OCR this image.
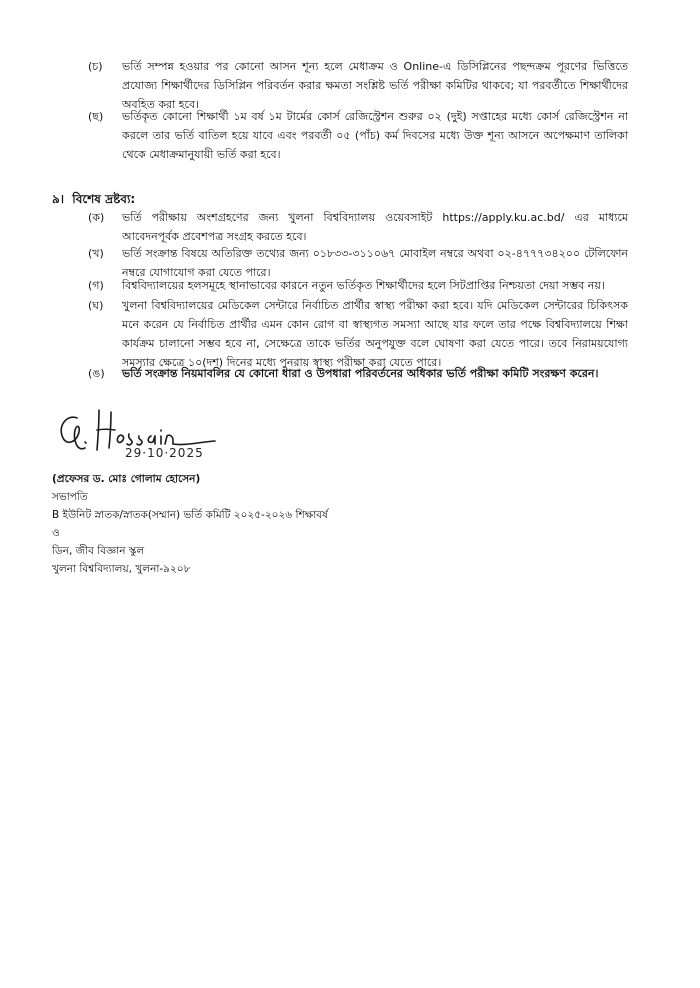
(চ)	ভর্তি সম্পন্ন হওয়ার পর কোনো আসন শূন্য হলে মেধাক্রম ও Online-এ ডিসিপ্লিনের পছন্দক্রম পূরণের ভিত্তিতে প্রযোজ্য শিক্ষার্থীদের ডিসিপ্লিন পরিবর্তন করার ক্ষমতা সংশ্লিষ্ট ভর্তি পরীক্ষা কমিটির থাকবে; যা পরবর্তীতে শিক্ষার্থীদের অবহিত করা হবে।
(ছ)	ভর্তিকৃত কোনো শিক্ষার্থী ১ম বর্ষ ১ম টার্মের কোর্স রেজিস্ট্রেশন শুরুর ০২ (দুই) সপ্তাহের মধ্যে কোর্স রেজিস্ট্রেশন না করলে তার ভর্তি বাতিল হয়ে যাবে এবং পরবর্তী ০৫ (পাঁচ) কর্ম দিবসের মধ্যে উক্ত শূন্য আসনে অপেক্ষমাণ তালিকা থেকে মেধাক্রমানুযায়ী ভর্তি করা হবে।
৯। বিশেষ দ্রষ্টব্য:
(ক)	ভর্তি পরীক্ষায় অংশগ্রহণের জন্য খুলনা বিশ্ববিদ্যালয় ওয়েবসাইট https://apply.ku.ac.bd/ এর মাধ্যমে আবেদনপূর্বক প্রবেশপত্র সংগ্রহ করতে হবে।
(খ)	ভর্তি সংক্রান্ত বিষয়ে অতিরিক্ত তথ্যের জন্য ০১৮৩৩-৩১১০৬৭ মোবাইল নম্বরে অথবা ০২-৪৭৭৭৩৪২০০ টেলিফোন নম্বরে যোগাযোগ করা যেতে পারে।
(গ)	বিশ্ববিদ্যালয়ের হলসমূহে স্থানাভাবের কারনে নতুন ভর্তিকৃত শিক্ষার্থীদের হলে সিটপ্রাপ্তির নিশ্চয়তা দেয়া সম্ভব নয়।
(ঘ)	খুলনা বিশ্ববিদ্যালয়ের মেডিকেল সেন্টারে নির্বাচিত প্রার্থীর স্বাস্থ্য পরীক্ষা করা হবে। যদি মেডিকেল সেন্টারের চিকিৎসক মনে করেন যে নির্বাচিত প্রার্থীর এমন কোন রোগ বা স্বাস্থ্যগত সমস্যা আছে যার ফলে তার পক্ষে বিশ্ববিদ্যালয়ে শিক্ষা কার্যক্রম চালানো সম্ভব হবে না, সেক্ষেত্রে তাকে ভর্তির অনুপযুক্ত বলে ঘোষণা করা যেতে পারে। তবে নিরাময়যোগ্য সমস্যার ক্ষেত্রে ১০(দশ) দিনের মধ্যে পুনরায় স্বাস্থ্য পরীক্ষা করা যেতে পারে।
(ঙ)	ভর্তি সংক্রান্ত নিয়মাবলির যে কোনো ধারা ও উপধারা পরিবর্তনের অধিকার ভর্তি পরীক্ষা কমিটি সংরক্ষণ করেন।
29·10·2025
(প্রফেসর ড. মোঃ গোলাম হোসেন)
সভাপতি
B ইউনিট স্নাতক/স্নাতক(সম্মান) ভর্তি কমিটি ২০২৫-২০২৬ শিক্ষাবর্ষ
ও
ডিন, জীব বিজ্ঞান স্কুল
খুলনা বিশ্ববিদ্যালয়, খুলনা-৯২০৮
